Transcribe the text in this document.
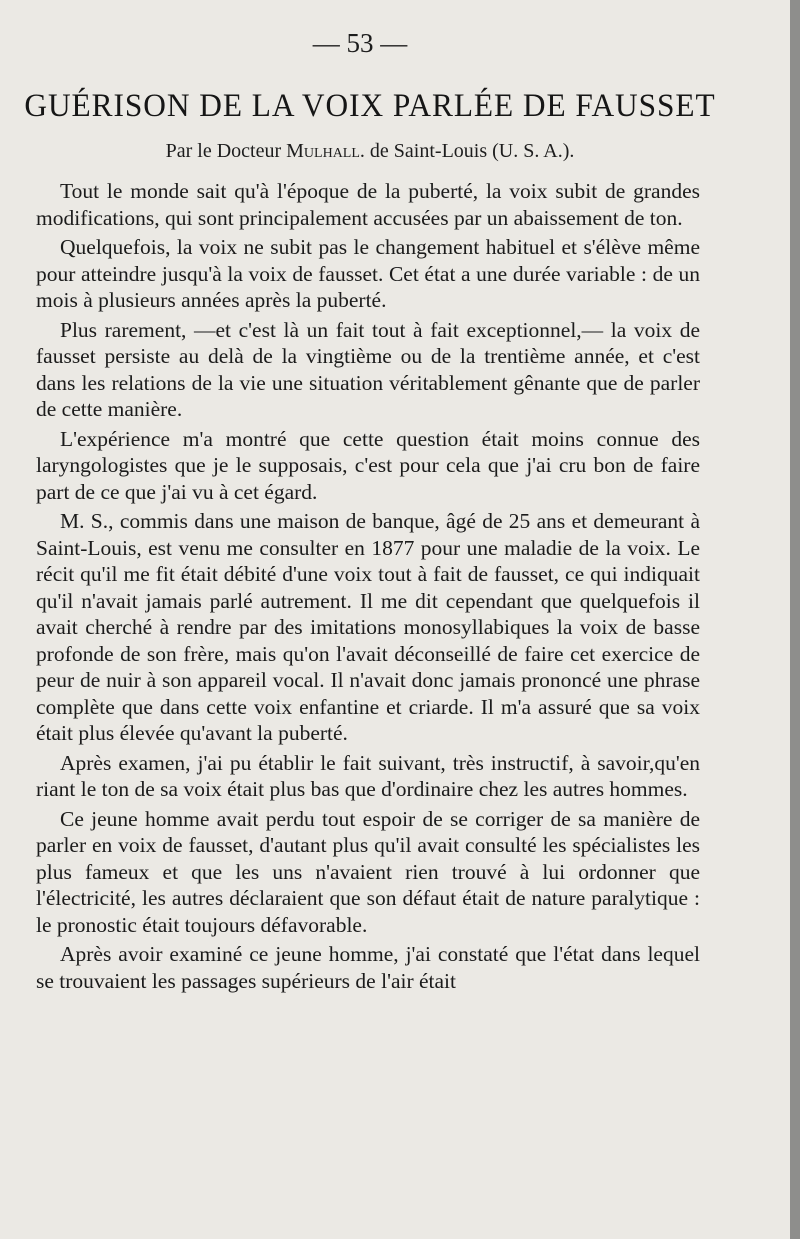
— 53 —
GUÉRISON DE LA VOIX PARLÉE DE FAUSSET
Par le Docteur Mulhall. de Saint-Louis (U. S. A.).

Tout le monde sait qu'à l'époque de la puberté, la voix subit de grandes modifications, qui sont principalement accusées par un abaissement de ton.

Quelquefois, la voix ne subit pas le changement habituel et s'élève même pour atteindre jusqu'à la voix de fausset. Cet état a une durée variable : de un mois à plusieurs années après la puberté.

Plus rarement, —et c'est là un fait tout à fait exceptionnel,— la voix de fausset persiste au delà de la vingtième ou de la trentième année, et c'est dans les relations de la vie une situation véritablement gênante que de parler de cette manière.

L'expérience m'a montré que cette question était moins connue des laryngologistes que je le supposais, c'est pour cela que j'ai cru bon de faire part de ce que j'ai vu à cet égard.

M. S., commis dans une maison de banque, âgé de 25 ans et demeurant à Saint-Louis, est venu me consulter en 1877 pour une maladie de la voix. Le récit qu'il me fit était débité d'une voix tout à fait de fausset, ce qui indiquait qu'il n'avait jamais parlé autrement. Il me dit cependant que quelquefois il avait cherché à rendre par des imitations monosyllabiques la voix de basse profonde de son frère, mais qu'on l'avait déconseillé de faire cet exercice de peur de nuir à son appareil vocal. Il n'avait donc jamais prononcé une phrase complète que dans cette voix enfantine et criarde. Il m'a assuré que sa voix était plus élevée qu'avant la puberté.

Après examen, j'ai pu établir le fait suivant, très instructif, à savoir,qu'en riant le ton de sa voix était plus bas que d'ordinaire chez les autres hommes.

Ce jeune homme avait perdu tout espoir de se corriger de sa manière de parler en voix de fausset, d'autant plus qu'il avait consulté les spécialistes les plus fameux et que les uns n'avaient rien trouvé à lui ordonner que l'électricité, les autres déclaraient que son défaut était de nature paralytique : le pronostic était toujours défavorable.

Après avoir examiné ce jeune homme, j'ai constaté que l'état dans lequel se trouvaient les passages supérieurs de l'air était
